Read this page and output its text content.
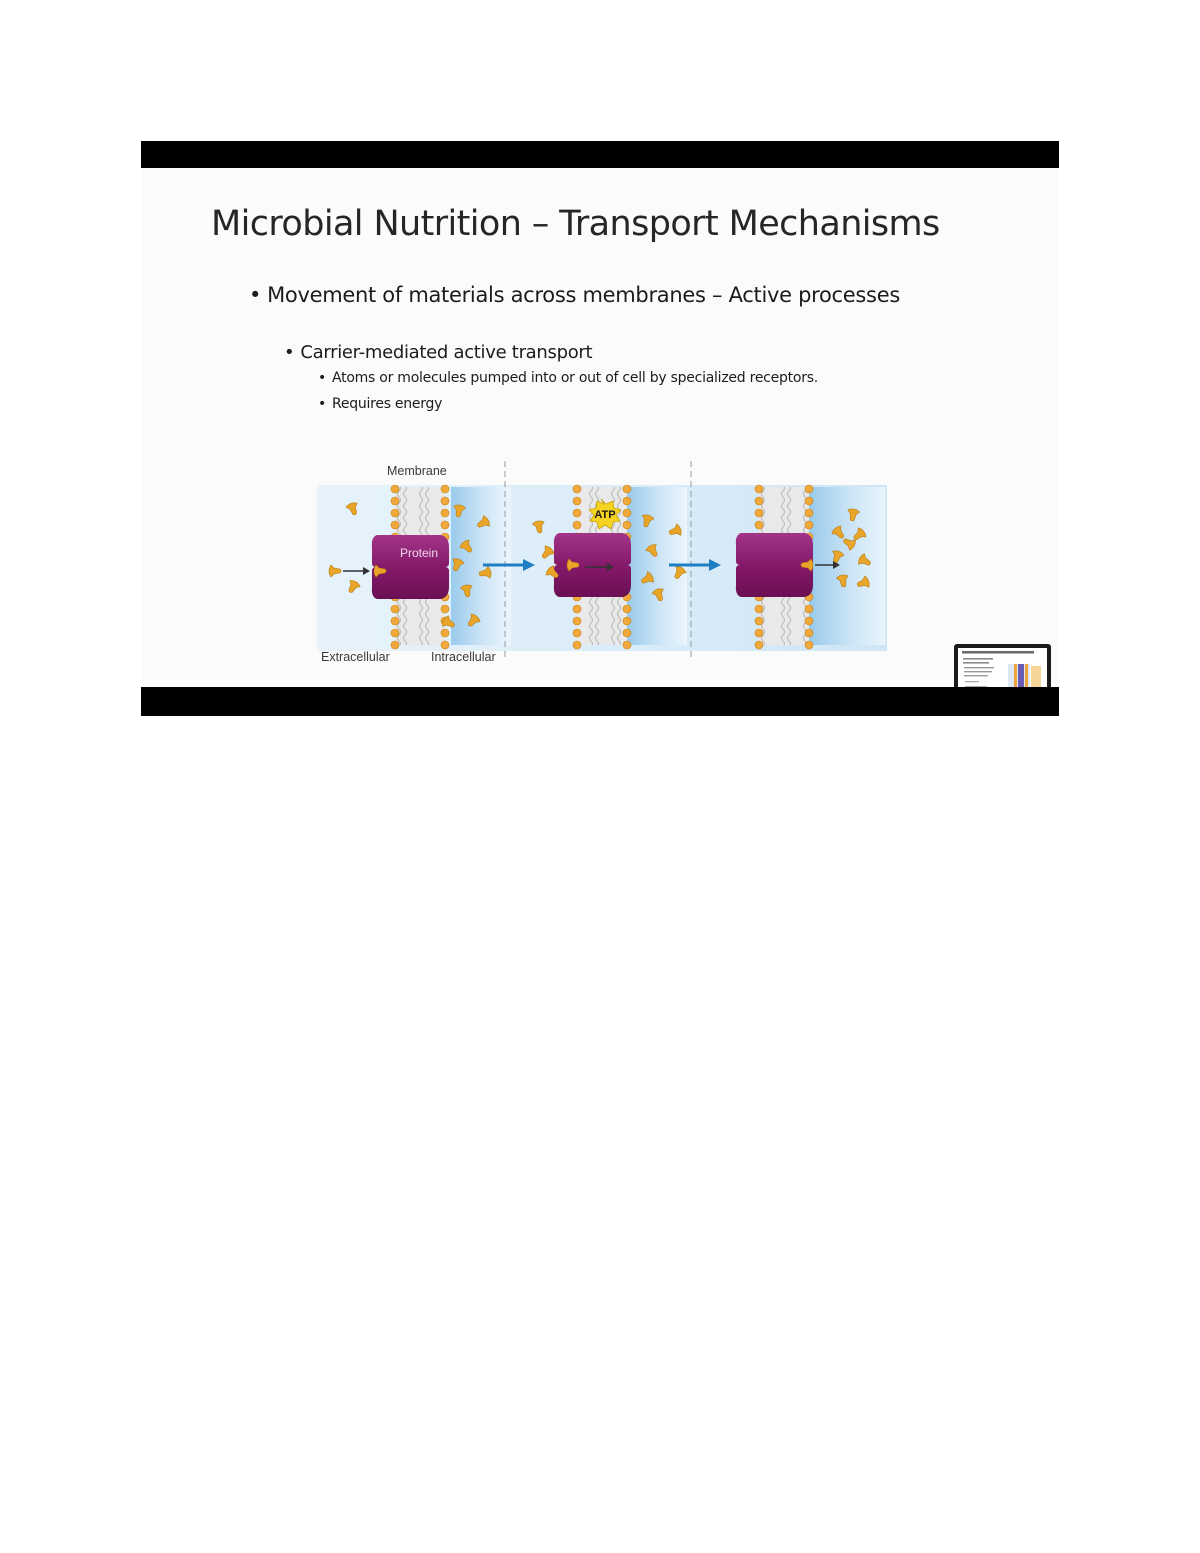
Microbial Nutrition – Transport Mechanisms
• Movement of materials across membranes – Active processes
• Carrier-mediated active transport
• Atoms or molecules pumped into or out of cell by specialized receptors.
• Requires energy
Protein
ATP
Membrane
Extracellular	Intracellular
